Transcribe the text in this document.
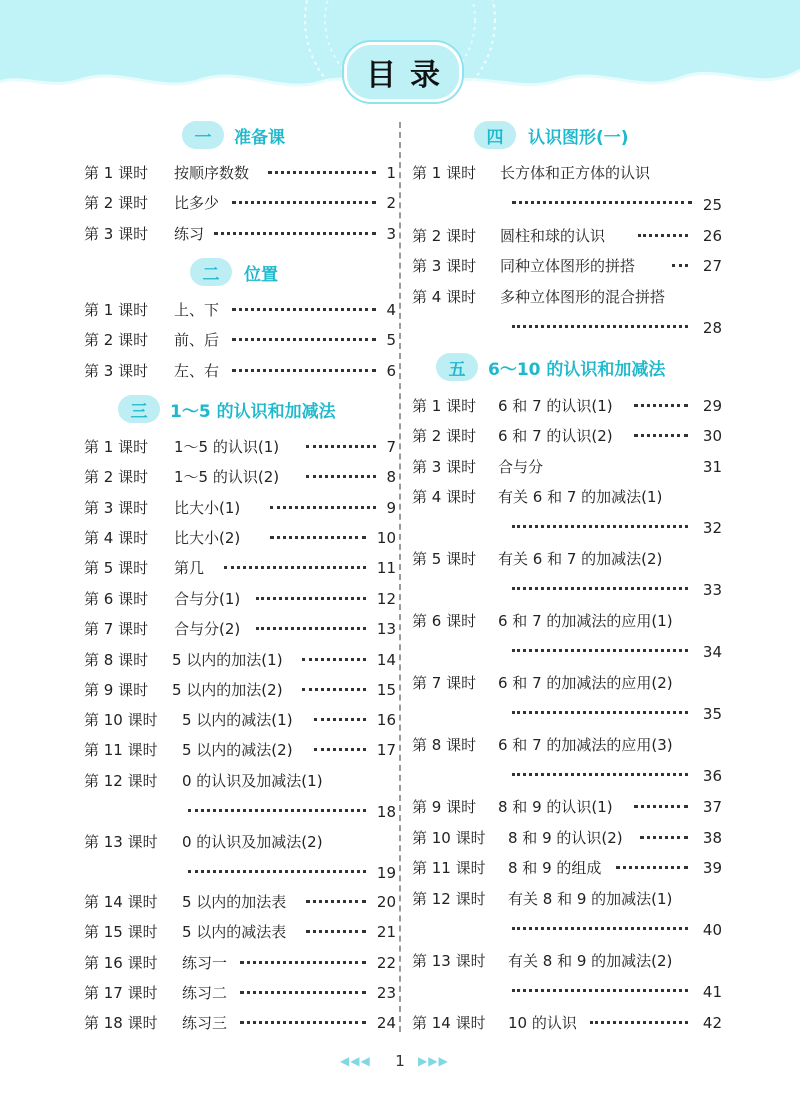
目 录
一	准备课
第 1 课时 按顺序数数	1
第 2 课时 比多少	2
第 3 课时 练习	3
二	位置
第 1 课时 上、下	4
第 2 课时 前、后	5
第 3 课时 左、右	6
三	1～5 的认识和加减法
第 1 课时 1～5 的认识(1)	7
第 2 课时 1～5 的认识(2)	8
第 3 课时 比大小(1)	9
第 4 课时 比大小(2)	10
第 5 课时 第几	11
第 6 课时 合与分(1)	12
第 7 课时 合与分(2)	13
第 8 课时 5 以内的加法(1)	14
第 9 课时 5 以内的加法(2)	15
第 10 课时 5 以内的减法(1)	16
第 11 课时 5 以内的减法(2)	17
第 12 课时 0 的认识及加减法(1)
18
第 13 课时 0 的认识及加减法(2)
19
第 14 课时 5 以内的加法表	20
第 15 课时 5 以内的减法表	21
第 16 课时 练习一	22
第 17 课时 练习二	23
第 18 课时 练习三	24
四	认识图形(一)
第 1 课时 长方体和正方体的认识
25
第 2 课时 圆柱和球的认识	26
第 3 课时 同种立体图形的拼搭	27
第 4 课时 多种立体图形的混合拼搭
28
五	6～10 的认识和加减法
第 1 课时 6 和 7 的认识(1)	29
第 2 课时 6 和 7 的认识(2)	30
第 3 课时 合与分	31
第 4 课时 有关 6 和 7 的加减法(1)
32
第 5 课时 有关 6 和 7 的加减法(2)
33
第 6 课时 6 和 7 的加减法的应用(1)
34
第 7 课时 6 和 7 的加减法的应用(2)
35
第 8 课时 6 和 7 的加减法的应用(3)
36
第 9 课时 8 和 9 的认识(1)	37
第 10 课时 8 和 9 的认识(2)	38
第 11 课时 8 和 9 的组成	39
第 12 课时 有关 8 和 9 的加减法(1)
40
第 13 课时 有关 8 和 9 的加减法(2)
41
第 14 课时 10 的认识	42
◀◀◀	1	▶▶▶
